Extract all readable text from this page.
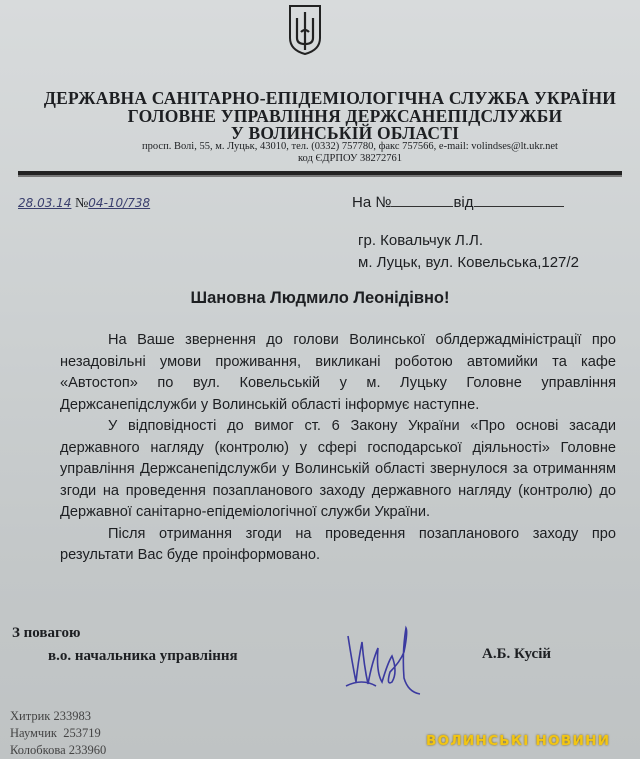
ДЕРЖАВНА САНІТАРНО-ЕПІДЕМІОЛОГІЧНА СЛУЖБА УКРАЇНИ
ГОЛОВНЕ УПРАВЛІННЯ ДЕРЖСАНЕПІДСЛУЖБИ
У ВОЛИНСЬКІЙ ОБЛАСТІ
просп. Волі, 55, м. Луцьк, 43010, тел. (0332) 757780, факс 757566, e-mail: volindses@lt.ukr.net
код ЄДРПОУ 38272761
28.03.14 №04-10/738	На №	від
гр. Ковальчук Л.Л.
м. Луцьк, вул. Ковельська,127/2
Шановна Людмило Леонідівно!

На Ваше звернення до голови Волинської облдержадміністрації про незадовільні умови проживання, викликані роботою автомийки та кафе «Автостоп» по вул. Ковельській у м. Луцьку Головне управління Держсанепідслужби у Волинській області інформує наступне.

У відповідності до вимог ст. 6 Закону України «Про основі засади державного нагляду (контролю) у сфері господарської діяльності» Головне управління Держсанепідслужби у Волинській області звернулося за отриманням згоди на проведення позапланового заходу державного нагляду (контролю) до Державної санітарно-епідеміологічної служби України.

Після отримання згоди на проведення позапланового заходу про результати Вас буде проінформовано.

З повагою
в.о. начальника управління	А.Б. Кусій
Хитрик 233983
Наумчик  253719
Колобкова 233960
ВОЛИНСЬКІ НОВИНИ
